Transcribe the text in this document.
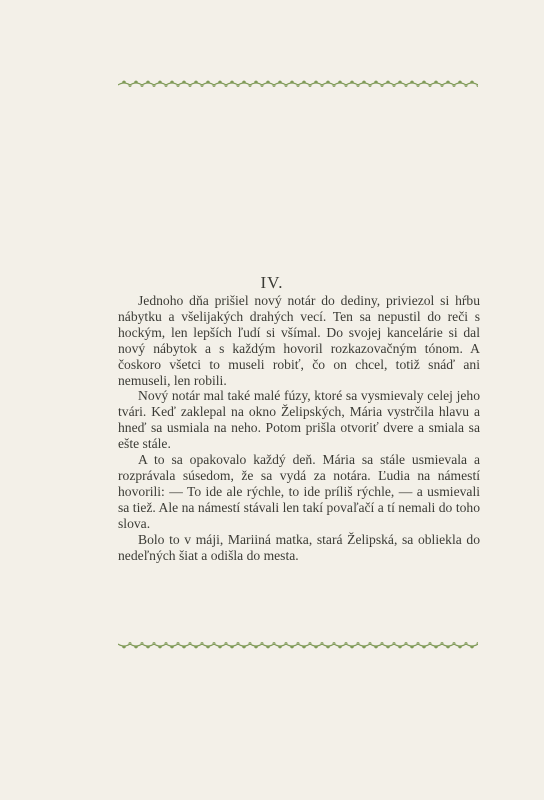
IV.

Jednoho dňa prišiel nový notár do dediny, priviezol si hŕbu nábytku a všelijakých drahých vecí. Ten sa nepustil do reči s hockým, len lepších ľudí si všímal. Do svojej kancelárie si dal nový nábytok a s každým hovoril rozkazovačným tónom. A čoskoro všetci to museli robiť, čo on chcel, totiž snáď ani nemuseli, len robili.

Nový notár mal také malé fúzy, ktoré sa vysmievaly celej jeho tvári. Keď zaklepal na okno Želipských, Mária vystrčila hlavu a hneď sa usmiala na neho. Potom prišla otvoriť dvere a smiala sa ešte stále.

A to sa opakovalo každý deň. Mária sa stále usmievala a rozprávala súsedom, že sa vydá za notára. Ľudia na námestí hovorili: — To ide ale rýchle, to ide príliš rýchle, — a usmievali sa tiež. Ale na námestí stávali len takí povaľačí a tí nemali do toho slova.

Bolo to v máji, Mariiná matka, stará Želipská, sa obliekla do nedeľných šiat a odišla do mesta.
